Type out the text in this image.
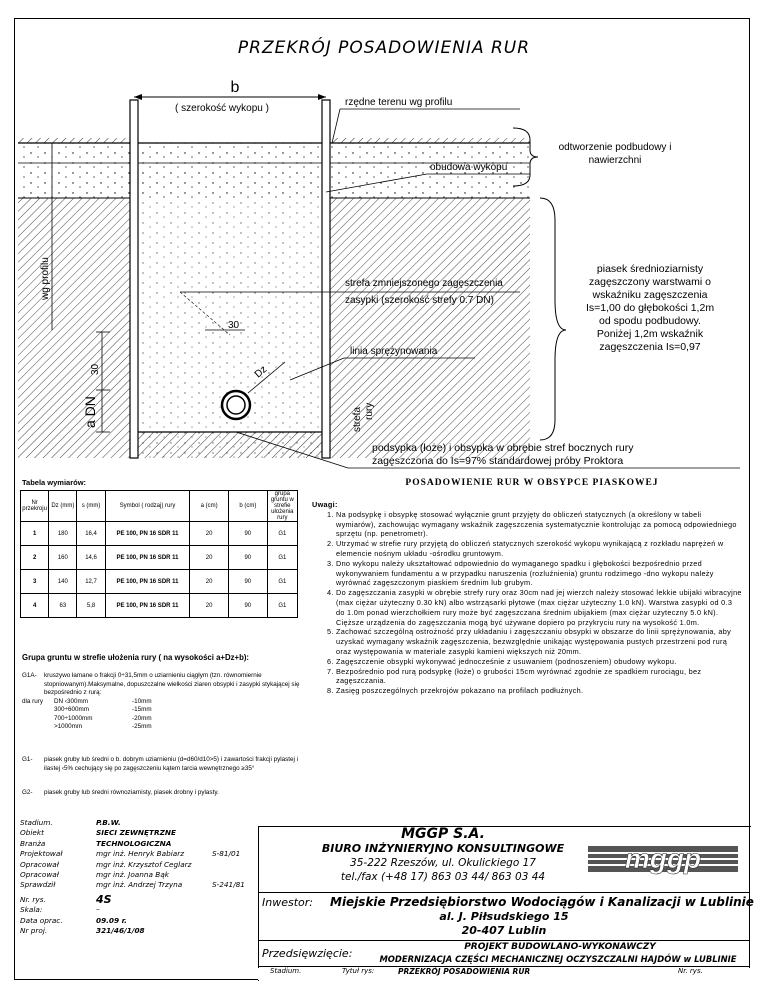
PRZEKRÓJ POSADOWIENIA RUR
b
( szerokość wykopu )
rzędne terenu wg profilu
obudowa wykopu
odtworzenie podbudowy i
nawierzchni
wg profilu	strefa zmniejszonego zagęszczenia
zasypki (szerokość strefy 0.7 DN)
linia sprężynowania
30
30
a DN
Dz
strefa rury
piasek średnioziarnisty
zagęszczony warstwami o
wskaźniku zagęszczenia
Is=1,00 do głębokości 1,2m
od spodu podbudowy.
Poniżej 1,2m wskaźnik
zagęszczenia Is=0,97
podsypka (łoże) i obsypka w obrębie stref bocznych rury
zagęszczona do Is=97% standardowej próby Proktora
Tabela wymiarów:
Nr przekroju	Dz (mm)	s (mm)	Symbol ( rodzaj) rury	a (cm)	b (cm)	grupa gruntu w strefie ułożenia rury
1	180	16,4	PE 100, PN 16 SDR 11	20	90	G1
2	160	14,6	PE 100, PN 16 SDR 11	20	90	G1
3	140	12,7	PE 100, PN 16 SDR 11	20	90	G1
4	63	5,8	PE 100, PN 16 SDR 11	20	90	G1
Grupa gruntu w strefie ułożenia rury ( na wysokości a+Dz+b):
G1A-	kruszywo łamane o frakcji 0÷31,5mm o uziarnieniu ciągłym (tzn. równomiernie stopniowanym).Maksymalne, dopuszczalne wielkości ziaren obsypki i zasypki stykającej się bezpośrednio z rurą:
dla rury	DN ‹300mm	-10mm
300÷600mm	-15mm
700÷1000mm	-20mm
>1000mm	-25mm
G1-	piasek gruby lub średni o b. dobrym uziarnieniu (d=d60/d10>5) i zawartości frakcji pylastej i ilastej ‹5% cechujący się po zagęszczeniu kątem tarcia wewnętrznego ≥35°
G2-	piasek gruby lub średni równoziarnisty, piasek drobny i pylasty.
POSADOWIENIE RUR W OBSYPCE PIASKOWEJ
Uwagi:
1. Na podsypkę i obsypkę stosować wyłącznie grunt przyjęty do obliczeń statycznych (a określony w tabeli wymiarów), zachowując wymagany wskaźnik zagęszczenia systematycznie kontrolując za pomocą odpowiedniego sprzętu (np. penetrometr).
2. Utrzymać w strefie rury przyjętą do obliczeń statycznych szerokość wykopu wynikającą z rozkładu naprężeń w elemencie nośnym układu -ośrodku gruntowym.
3. Dno wykopu należy ukształtować odpowiednio do wymaganego spadku i głębokości bezpośrednio przed wykonywaniem fundamentu a w przypadku naruszenia (rozluźnienia) gruntu rodzimego -dno wykopu należy wyrównać zagęszczonym piaskiem średnim lub grubym.
4. Do zagęszczania zasypki w obrębie strefy rury oraz 30cm nad jej wierzch należy stosować lekkie ubijaki wibracyjne (max ciężar użyteczny 0.30 kN) albo wstrząsarki płytowe (max ciężar użyteczny 1.0 kN). Warstwa zasypki od 0.3 do 1.0m ponad wierzchołkiem rury może być zagęszczana średnim ubijakiem (max ciężar użyteczny 5.0 kN). Cięższe urządzenia do zagęszczania mogą być używane dopiero po przykryciu rury na wysokość 1.0m.
5. Zachować szczególną ostrożność przy układaniu i zagęszczaniu obsypki w obszarze do linii sprężynowania, aby uzyskać wymagany wskaźnik zagęszczenia, bezwzględnie unikając występowania pustych przestrzeni pod rurą oraz występowania w materiale zasypki kamieni większych niż 20mm.
6. Zagęszczenie obsypki wykonywać jednocześnie z usuwaniem (podnoszeniem) obudowy wykopu.
7. Bezpośrednio pod rurą podsypkę (łoże) o grubości 15cm wyrównać zgodnie ze spadkiem rurociągu, bez zagęszczania.
8. Zasięg poszczególnych przekrojów pokazano na profilach podłużnych.
MGGP S.A.
BIURO INŻYNIERYJNO KONSULTINGOWE
35-222 Rzeszów, ul. Okulickiego 17
tel./fax (+48 17) 863 03 44/ 863 03 44
mggp
Inwestor: Miejskie Przedsiębiorstwo Wodociągów i Kanalizacji w Lublinie
al. J. Piłsudskiego 15
20-407 Lublin
Przedsięwzięcie:	PROJEKT BUDOWLANO-WYKONAWCZY
MODERNIZACJA CZĘŚCI MECHANICZNEJ OCZYSZCZALNI HAJDÓW w LUBLINIE
Stadium.	Tytuł rys:	PRZEKRÓJ POSADOWIENIA RUR	Nr. rys.
Stadium.	P.B.W.
Obiekt	SIECI ZEWNĘTRZNE
Branża	TECHNOLOGICZNA
Projektował	mgr inż. Henryk Babiarz	S-81/01
Opracował	mgr inż. Krzysztof Ceglarz
Opracował	mgr inż. Joanna Bąk
Sprawdził	mgr inż. Andrzej Trzyna	S-241/81
Nr. rys.	4S
Skala:	–
Data oprac.	09.09 r.
Nr proj.	321/46/1/08
